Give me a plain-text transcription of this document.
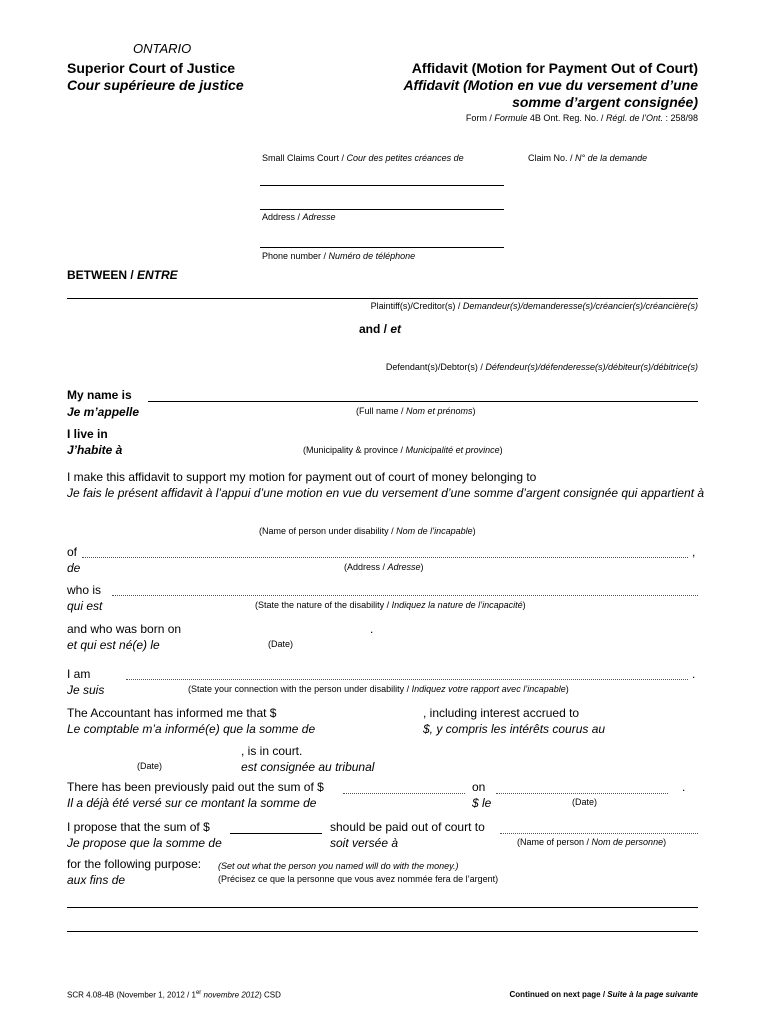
ONTARIO
Superior Court of Justice
Cour supérieure de justice
Affidavit (Motion for Payment Out of Court)
Affidavit (Motion en vue du versement d’une
somme d’argent consignée)
Form / Formule 4B Ont. Reg. No. / Régl. de l’Ont. : 258/98
Small Claims Court / Cour des petites créances de	Claim No. / N° de la demande
Address / Adresse
Phone number / Numéro de téléphone
BETWEEN / ENTRE
Plaintiff(s)/Creditor(s) / Demandeur(s)/demanderesse(s)/créancier(s)/créancière(s)
and / et
Defendant(s)/Debtor(s) / Défendeur(s)/défenderesse(s)/débiteur(s)/débitrice(s)
My name is
Je m’appelle	(Full name / Nom et prénoms)
I live in
J’habite à	(Municipality & province / Municipalité et province)
I make this affidavit to support my motion for payment out of court of money belonging to
Je fais le présent affidavit à l’appui d’une motion en vue du versement d’une somme d’argent consignée qui appartient à
(Name of person under disability / Nom de l’incapable)
of
de
,
(Address / Adresse)
who is
qui est	(State the nature of the disability / Indiquez la nature de l’incapacité)
and who was born on
et qui est né(e) le
.
(Date)
I am
Je suis
.
(State your connection with the person under disability / Indiquez votre rapport avec l’incapable)
The Accountant has informed me that $
Le comptable m’a informé(e) que la somme de
, including interest accrued to
$, y compris les intérêts courus au
(Date)
, is in court.
est consignée au tribunal
There has been previously paid out the sum of $
Il a déjà été versé sur ce montant la somme de
on
$ le
.
(Date)
I propose that the sum of $
Je propose que la somme de
should be paid out of court to
soit versée à	(Name of person / Nom de personne)
for the following purpose:
aux fins de
(Set out what the person you named will do with the money.)
(Précisez ce que la personne que vous avez nommée fera de l’argent)
SCR 4.08-4B (November 1, 2012 / 1er novembre 2012) CSD	Continued on next page / Suite à la page suivante
